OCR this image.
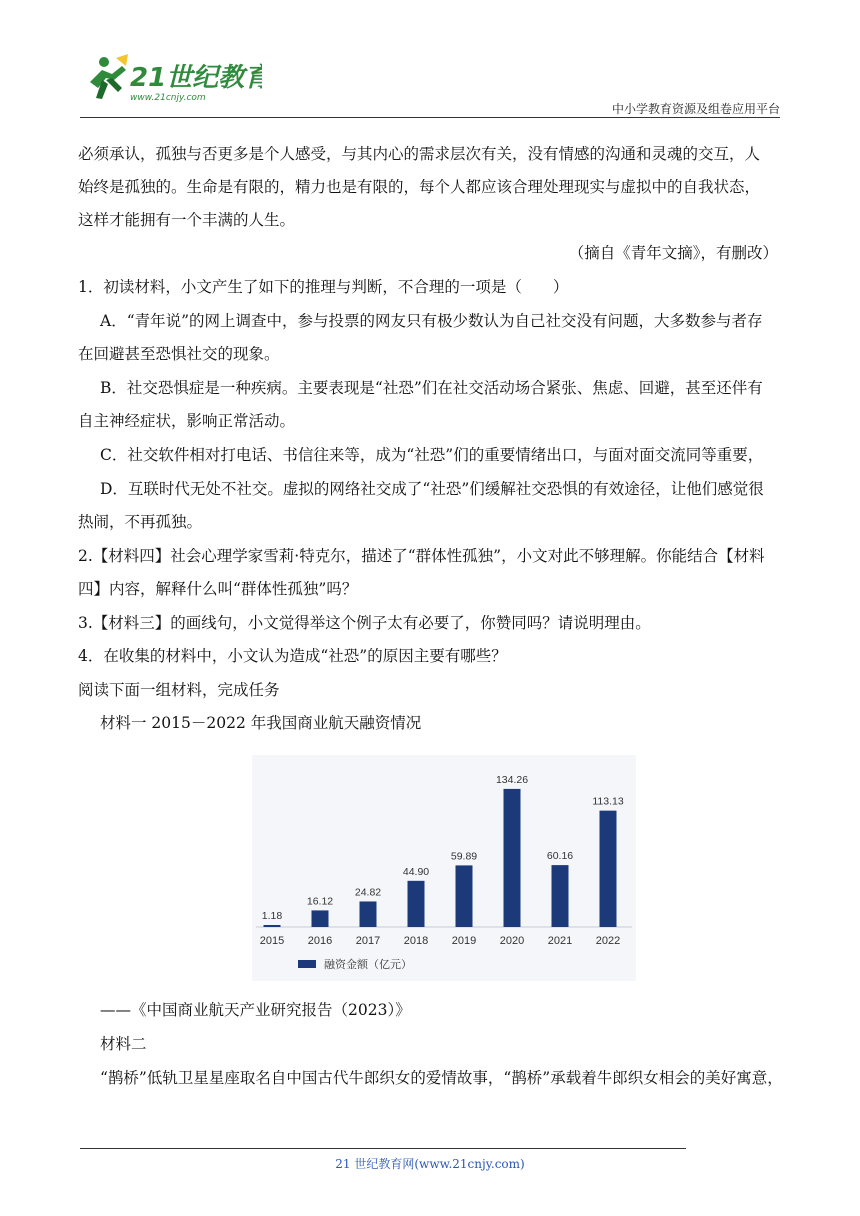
21世纪教育
www.21cnjy.com
中小学教育资源及组卷应用平台
必须承认，孤独与否更多是个人感受，与其内心的需求层次有关，没有情感的沟通和灵魂的交互，人
始终是孤独的。生命是有限的，精力也是有限的，每个人都应该合理处理现实与虚拟中的自我状态，
这样才能拥有一个丰满的人生。
（摘自《青年文摘》，有删改）
1．初读材料，小文产生了如下的推理与判断，不合理的一项是（　　）
A．“青年说”的网上调查中，参与投票的网友只有极少数认为自己社交没有问题，大多数参与者存
在回避甚至恐惧社交的现象。
B．社交恐惧症是一种疾病。主要表现是“社恐”们在社交活动场合紧张、焦虑、回避，甚至还伴有
自主神经症状，影响正常活动。
C．社交软件相对打电话、书信往来等，成为“社恐”们的重要情绪出口，与面对面交流同等重要，
D．互联时代无处不社交。虚拟的网络社交成了“社恐”们缓解社交恐惧的有效途径，让他们感觉很
热闹，不再孤独。
2.【材料四】社会心理学家雪莉·特克尔，描述了“群体性孤独”，小文对此不够理解。你能结合【材料
四】内容，解释什么叫“群体性孤独”吗？
3.【材料三】的画线句，小文觉得举这个例子太有必要了，你赞同吗？请说明理由。
4．在收集的材料中，小文认为造成“社恐”的原因主要有哪些？
阅读下面一组材料，完成任务
材料一 2015－2022 年我国商业航天融资情况
1.18
2015
16.12
2016
24.82
2017
44.90
2018
59.89
2019
134.26
2020
60.16
2021
113.13
2022
融资金额（亿元）
——《中国商业航天产业研究报告（2023）》
材料二
“鹊桥”低轨卫星星座取名自中国古代牛郎织女的爱情故事，“鹊桥”承载着牛郎织女相会的美好寓意，
21 世纪教育网(www.21cnjy.com)
